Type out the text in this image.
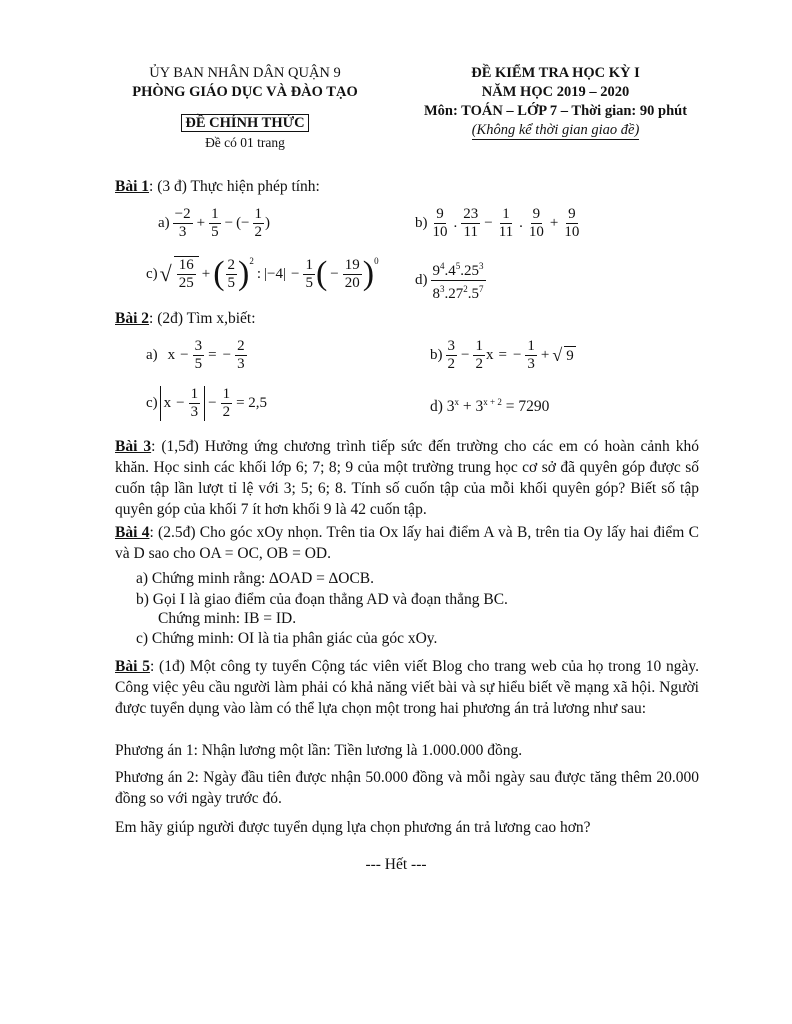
ỦY BAN NHÂN DÂN QUẬN 9
PHÒNG GIÁO DỤC VÀ ĐÀO TẠO
ĐỀ CHÍNH THỨC
Đề có 01 trang
ĐỀ KIỂM TRA HỌC KỲ I
NĂM HỌC 2019 – 2020
Môn: TOÁN – LỚP 7 – Thời gian: 90 phút
(Không kể thời gian giao đề)
Bài 1: (3 đ) Thực hiện phép tính:
$a) \frac{-2}{3} + \frac{1}{5}$ − (− $\frac{1}{2}$ )	$b) \frac{9}{10}$ . $\frac{23}{11} - \frac{1}{11}$ . $\frac{9}{10} + \frac{9}{10}$
$c)√ \frac{16}{25}$ +( $\frac{2}{5} )^2$: $|-4| - \frac{1}{5}$ ( − $\frac{19}{20} )^0$
$d) \frac{9^4.4^5.25^3}{8^3.27^2.5^7}$
Bài 2: (2đ) Tìm x,biết:
a) $x - \frac{3}{5}$ = − $\frac{2}{3}$	$b) \frac{3}{2} - \frac{1}{2}$ x = − $\frac{1}{3}$ + √ 9
c) $x - \frac{1}{3} - \frac{1}{2} = 2,5$	d) $3^x + 3^{x + 2} = 7290$
Bài 3: (1,5đ) Hưởng ứng chương trình tiếp sức đến trường cho các em có hoàn cảnh khó khăn. Học sinh các khối lớp 6; 7; 8; 9 của một trường trung học cơ sở đã quyên góp được số cuốn tập lần lượt tỉ lệ với 3; 5; 6; 8. Tính số cuốn tập của mỗi khối quyên góp? Biết số tập quyên góp của khối 7 ít hơn khối 9 là 42 cuốn tập.
Bài 4: (2.5đ) Cho góc xOy nhọn. Trên tia Ox lấy hai điểm A và B, trên tia Oy lấy hai điểm C và D sao cho OA = OC, OB = OD.
a) Chứng minh rằng: ∆OAD = ∆OCB.
b) Gọi I là giao điểm của đoạn thẳng AD và đoạn thẳng BC.
Chứng minh: IB = ID.
c) Chứng minh: OI là tia phân giác của góc xOy.
Bài 5: (1đ) Một công ty tuyển Cộng tác viên viết Blog cho trang web của họ trong 10 ngày. Công việc yêu cầu người làm phải có khả năng viết bài và sự hiểu biết về mạng xã hội. Người được tuyển dụng vào làm có thể lựa chọn một trong hai phương án trả lương như sau:
Phương án 1: Nhận lương một lần: Tiền lương là 1.000.000 đồng.
Phương án 2: Ngày đầu tiên được nhận 50.000 đồng và mỗi ngày sau được tăng thêm 20.000 đồng so với ngày trước đó.
Em hãy giúp người được tuyển dụng lựa chọn phương án trả lương cao hơn?
--- Hết ---
